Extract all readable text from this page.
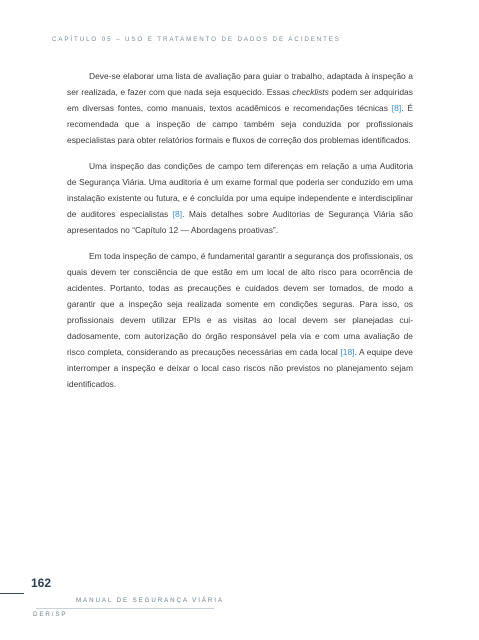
CAPÍTULO 05 – USO E TRATAMENTO DE DADOS DE ACIDENTES

Deve-se elaborar uma lista de avaliação para guiar o trabalho, adaptada à inspeção a ser realizada, e fazer com que nada seja esquecido. Essas checklists podem ser adquiridas em diversas fontes, como manuais, textos acadêmicos e recomendações técnicas [8]. É recomendada que a inspeção de campo também seja conduzida por profissionais especialistas para obter relatórios formais e fluxos de correção dos problemas identificados.

Uma inspeção das condições de campo tem diferenças em relação a uma Auditoria de Segurança Viária. Uma auditoria é um exame formal que poderia ser conduzido em uma instalação existente ou futura, e é concluída por uma equipe independente e interdisciplinar de auditores especialistas [8]. Mais detalhes sobre Auditorias de Segurança Viária são apresentados no “Capítulo 12 — Abordagens proativas”.

Em toda inspeção de campo, é fundamental garantir a segurança dos profissionais, os quais devem ter consciência de que estão em um local de alto risco para ocorrência de acidentes. Portanto, todas as precauções e cuidados devem ser tomados, de modo a garantir que a inspeção seja realizada somente em condições seguras. Para isso, os profissionais devem utilizar EPIs e as visitas ao local devem ser planejadas cuidadosamente, com autorização do órgão responsável pela via e com uma avaliação de risco completa, considerando as precauções necessárias em cada local [18]. A equipe deve interromper a inspeção e deixar o local caso riscos não previstos no planejamento sejam identificados.

162
MANUAL DE SEGURANÇA VIÁRIA
DER/SP
